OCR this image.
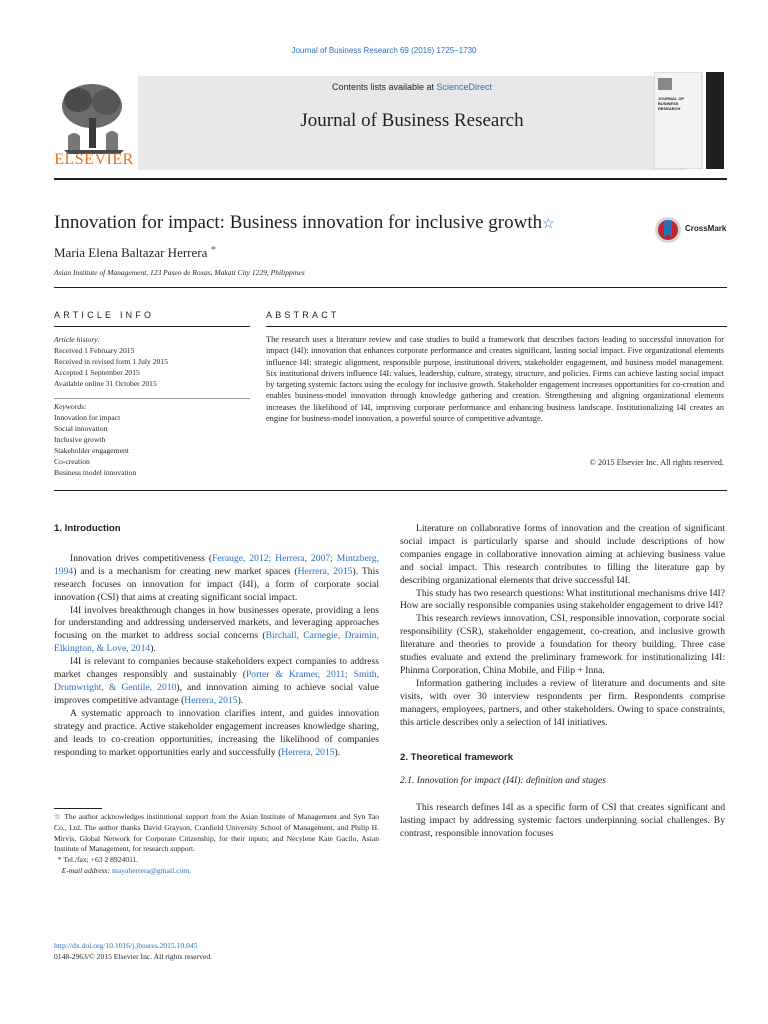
Journal of Business Research 69 (2016) 1725–1730
ELSEVIER
Contents lists available at ScienceDirect
Journal of Business Research
JOURNAL OF BUSINESS RESEARCH
Innovation for impact: Business innovation for inclusive growth☆	CrossMark
Maria Elena Baltazar Herrera *
Asian Institute of Management, 123 Paseo de Roxas, Makati City 1229, Philippines
ARTICLE INFO	ABSTRACT
Article history:
Received 1 February 2015
Received in revised form 1 July 2015
Accepted 1 September 2015
Available online 31 October 2015
Keywords:
Innovation for impact
Social innovation
Inclusive growth
Stakeholder engagement
Co-creation
Business model innovation

The research uses a literature review and case studies to build a framework that describes factors leading to successful innovation for impact (I4I): innovation that enhances corporate performance and creates significant, lasting social impact. Five organizational elements influence I4I: strategic alignment, responsible purpose, institutional drivers, stakeholder engagement, and business model management. Six institutional drivers influence I4I: values, leadership, culture, strategy, structure, and policies. Firms can achieve lasting social impact by targeting systemic factors using the ecology for inclusive growth. Stakeholder engagement increases opportunities for co-creation and enables business-model innovation through knowledge gathering and creation. Strengthening and aligning organizational elements increases the likelihood of I4I, improving corporate performance and enhancing business landscape. Institutionalizing I4I creates an engine for business-model innovation, a powerful source of competitive advantage.

© 2015 Elsevier Inc. All rights reserved.
1. Introduction

Innovation drives competitiveness (Ferauge, 2012; Herrera, 2007; Mintzberg, 1994) and is a mechanism for creating new market spaces (Herrera, 2015). This research focuses on innovation for impact (I4I), a form of corporate social innovation (CSI) that aims at creating significant social impact.

I4I involves breakthrough changes in how businesses operate, providing a lens for understanding and addressing underserved markets, and leveraging approaches focusing on the market to address social concerns (Birchall, Carnegie, Draimin, Elkington, & Love, 2014).

I4I is relevant to companies because stakeholders expect companies to address market changes responsibly and sustainably (Porter & Kramer, 2011; Smith, Drumwright, & Gentile, 2010), and innovation aiming to achieve social value improves competitive advantage (Herrera, 2015).

A systematic approach to innovation clarifies intent, and guides innovation strategy and practice. Active stakeholder engagement increases knowledge sharing, and leads to co-creation opportunities, increasing the likelihood of companies responding to market opportunities early and successfully (Herrera, 2015).

Literature on collaborative forms of innovation and the creation of significant social impact is particularly sparse and should include descriptions of how companies engage in collaborative innovation aiming at achieving business value and social impact. This research contributes to filling the literature gap by describing organizational elements that drive successful I4I.

This study has two research questions: What institutional mechanisms drive I4I? How are socially responsible companies using stakeholder engagement to drive I4I?

This research reviews innovation, CSI, responsible innovation, corporate social responsibility (CSR), stakeholder engagement, co-creation, and inclusive growth literature and theories to provide a foundation for theory building. Three case studies evaluate and extend the preliminary framework for institutionalizing I4I: Phinma Corporation, China Mobile, and Filip + Inna.

Information gathering includes a review of literature and documents and site visits, with over 30 interview respondents per firm. Respondents comprise managers, employees, partners, and other stakeholders. Owing to space constraints, this article describes only a selection of I4I initiatives.

2. Theoretical framework
2.1. Innovation for impact (I4I): definition and stages

This research defines I4I as a specific form of CSI that creates significant and lasting impact by addressing systemic factors underpinning social challenges. By contrast, responsible innovation focuses

☆ The author acknowledges institutional support from the Asian Institute of Management and Syn Tao Co., Ltd. The author thanks David Grayson, Cranfield University School of Management, and Philip H. Mirvis, Global Network for Corporate Citizenship, for their inputs; and Necylene Kate Gacilo, Asian Institute of Management, for research support.

* Tel./fax; +63 2 8924011.

E-mail address: mayaherrera@gmail.com.

http://dx.doi.org/10.1016/j.jbusres.2015.10.045
0148-2963/© 2015 Elsevier Inc. All rights reserved.
